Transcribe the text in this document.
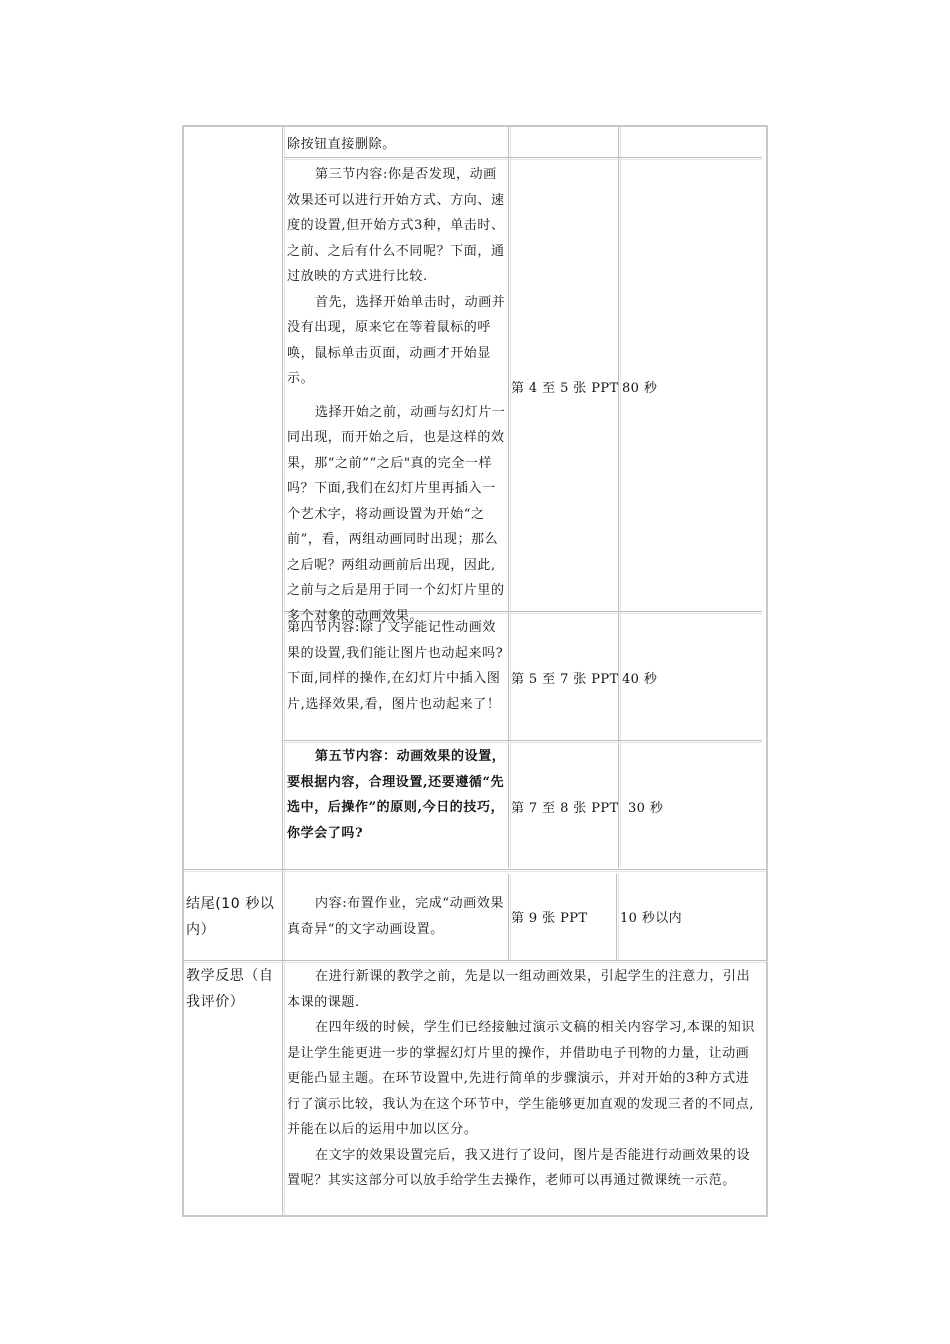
除按钮直接删除。

第三节内容:你是否发现，动画效果还可以进行开始方式、方向、速度的设置,但开始方式3种，单击时、之前、之后有什么不同呢？下面，通过放映的方式进行比较.

首先，选择开始单击时，动画并没有出现，原来它在等着鼠标的呼唤，鼠标单击页面，动画才开始显示。

选择开始之前，动画与幻灯片一同出现，而开始之后，也是这样的效果，那“之前”“之后"真的完全一样吗？下面,我们在幻灯片里再插入一个艺术字，将动画设置为开始“之前”，看，两组动画同时出现；那么之后呢？两组动画前后出现，因此,之前与之后是用于同一个幻灯片里的多个对象的动画效果。

第 4 至 5 张 PPT 80 秒

第四节内容:除了文字能记性动画效果的设置,我们能让图片也动起来吗?下面,同样的操作,在幻灯片中插入图片,选择效果,看，图片也动起来了！

第 5 至 7 张 PPT 40 秒

第五节内容：动画效果的设置，要根据内容，合理设置,还要遵循“先选中，后操作”的原则,今日的技巧，你学会了吗?

第 7 至 8 张 PPT 30 秒

结尾(10 秒以内）

内容:布置作业，完成“动画效果真奇异“的文字动画设置。

第 9 张 PPT	10 秒以内

教学反思（自我评价）

在进行新课的教学之前，先是以一组动画效果，引起学生的注意力，引出本课的课题.

在四年级的时候，学生们已经接触过演示文稿的相关内容学习,本课的知识是让学生能更进一步的掌握幻灯片里的操作，并借助电子刊物的力量，让动画更能凸显主题。在环节设置中,先进行简单的步骤演示，并对开始的3种方式进行了演示比较，我认为在这个环节中，学生能够更加直观的发现三者的不同点,并能在以后的运用中加以区分。

在文字的效果设置完后，我又进行了设问，图片是否能进行动画效果的设置呢？其实这部分可以放手给学生去操作，老师可以再通过微课统一示范。
